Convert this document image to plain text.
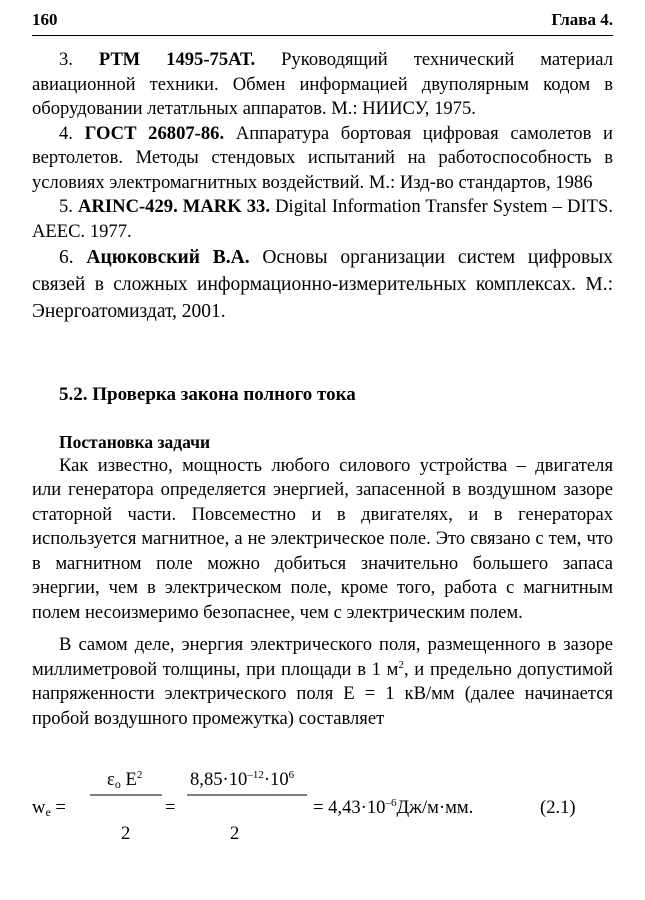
160	Глава 4.

3. РТМ 1495-75АТ. Руководящий технический материал авиационной техники. Обмен информацией двуполярным кодом в оборудовании летатльных аппаратов. М.: НИИСУ, 1975.

4. ГОСТ 26807-86. Аппаратура бортовая цифровая самолетов и вертолетов. Методы стендовых испытаний на работоспособность в условиях электромагнитных воздействий. М.: Изд-во стандартов, 1986

5. ARINC-429. MARK 33. Digital Information Transfer System – DITS. AEEC. 1977.

6. Ацюковский В.А. Основы организации систем цифровых связей в сложных информационно-измерительных комплексах. М.: Энергоатомиздат, 2001.

5.2. Проверка закона полного тока
Постановка задачи

Как известно, мощность любого силового устройства – двигателя или генератора определяется энергией, запасенной в воздушном зазоре статорной части. Повсеместно и в двигателях, и в генераторах используется магнитное, а не электрическое поле. Это связано с тем, что в магнитном поле можно добиться значительно большего запаса энергии, чем в электрическом поле, кроме того, работа с магнитным полем несоизмеримо безопаснее, чем с электрическим полем.

В самом деле, энергия электрического поля, размещенного в зазоре миллиметровой толщины, при площади в 1 $м^2$, и предельно допустимой напряженности электрического поля Е = 1 кВ/мм (далее начинается пробой воздушного промежутка) составляет

$\varepsilon_o$ $E^2$
$w_e$ =	=
2
$8,85\cdot 10^{-12}\cdot 10^6$
2
= $4,43\cdot 10^{-6}Дж/м\cdot мм$.	(2.1)
